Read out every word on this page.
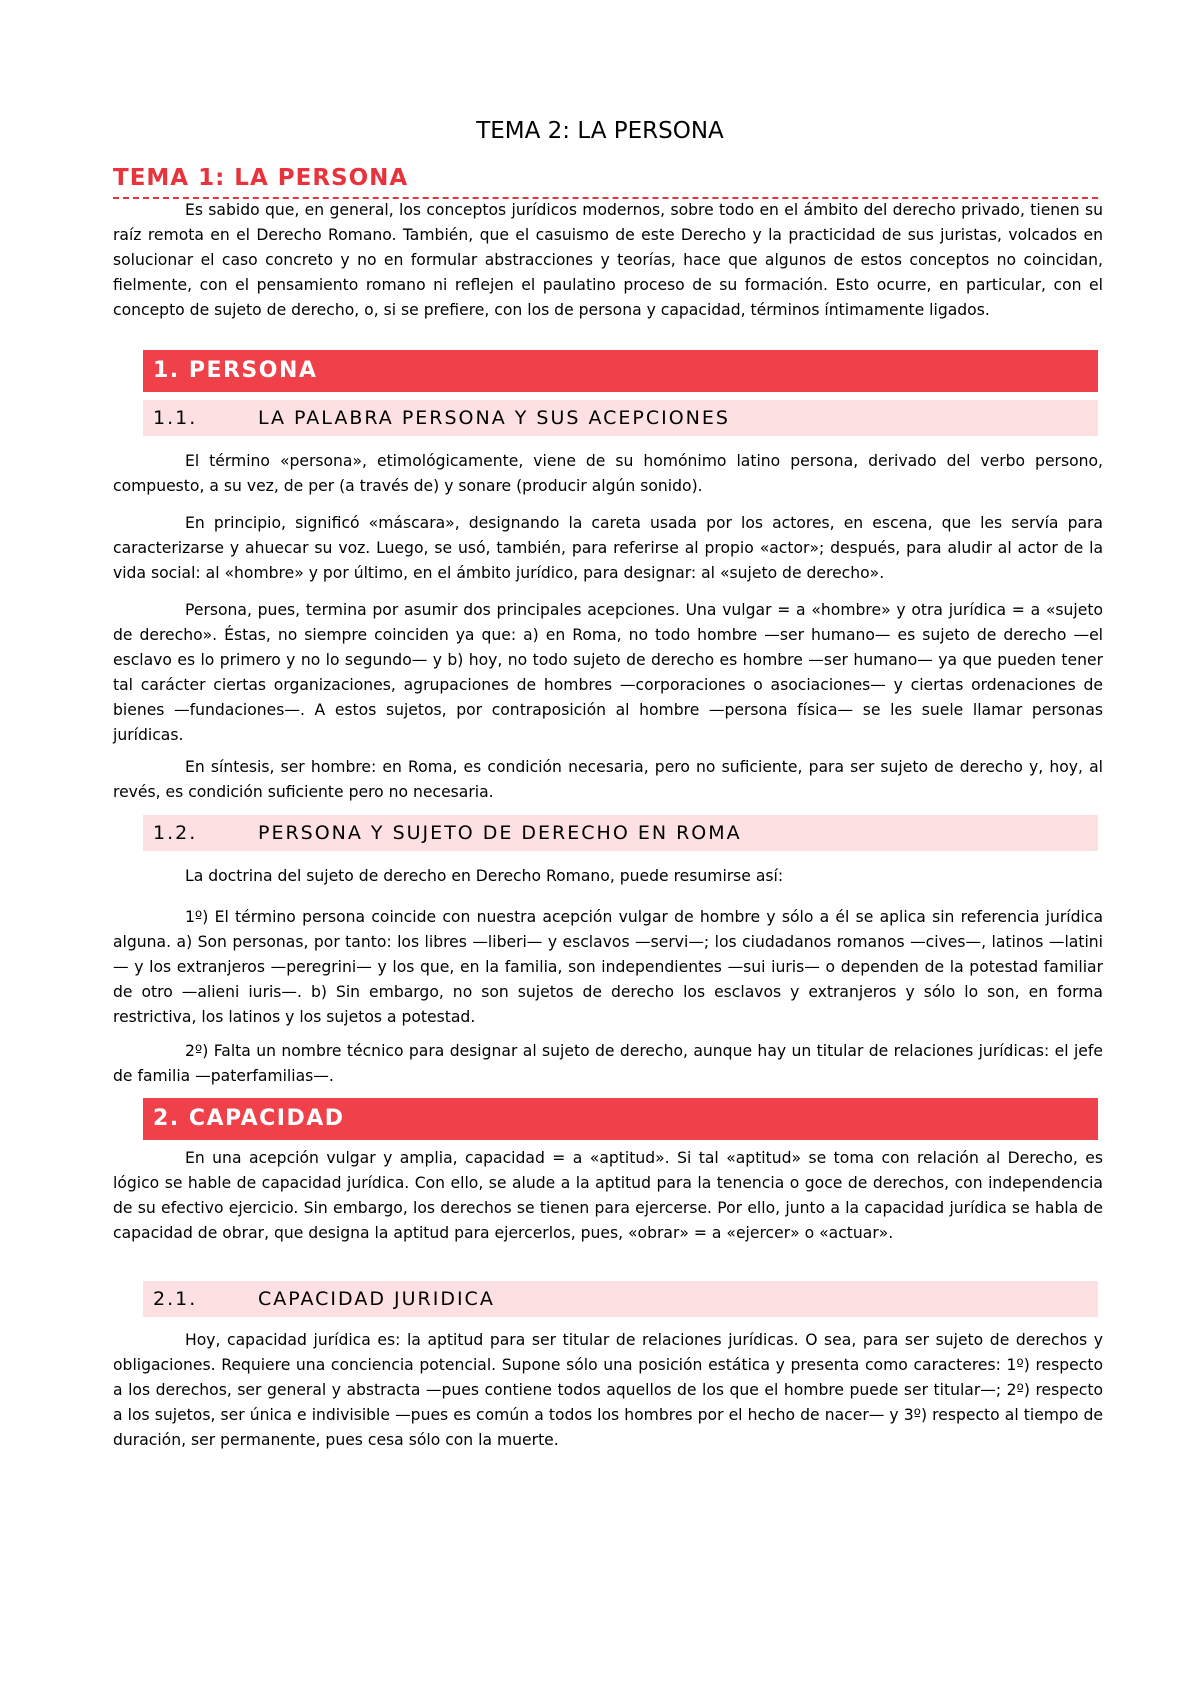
TEMA 2: LA PERSONA
TEMA 1: LA PERSONA

Es sabido que, en general, los conceptos jurídicos modernos, sobre todo en el ámbito del derecho privado, tienen su raíz remota en el Derecho Romano. También, que el casuismo de este Derecho y la practicidad de sus juristas, volcados en solucionar el caso concreto y no en formular abstracciones y teorías, hace que algunos de estos conceptos no coincidan, fielmente, con el pensamiento romano ni reflejen el paulatino proceso de su formación. Esto ocurre, en particular, con el concepto de sujeto de derecho, o, si se prefiere, con los de persona y capacidad, términos íntimamente ligados.

1. PERSONA
1.1.	LA PALABRA PERSONA Y SUS ACEPCIONES

El término «persona», etimológicamente, viene de su homónimo latino persona, derivado del verbo persono, compuesto, a su vez, de per (a través de) y sonare (producir algún sonido).

En principio, significó «máscara», designando la careta usada por los actores, en escena, que les servía para caracterizarse y ahuecar su voz. Luego, se usó, también, para referirse al propio «actor»; después, para aludir al actor de la vida social: al «hombre» y por último, en el ámbito jurídico, para designar: al «sujeto de derecho».

Persona, pues, termina por asumir dos principales acepciones. Una vulgar = a «hombre» y otra jurídica = a «sujeto de derecho». Éstas, no siempre coinciden ya que: a) en Roma, no todo hombre —ser humano— es sujeto de derecho —el esclavo es lo primero y no lo segundo— y b) hoy, no todo sujeto de derecho es hombre —ser humano— ya que pueden tener tal carácter ciertas organizaciones, agrupaciones de hombres —corporaciones o asociaciones— y ciertas ordenaciones de bienes —fundaciones—. A estos sujetos, por contraposición al hombre —persona física— se les suele llamar personas jurídicas.

En síntesis, ser hombre: en Roma, es condición necesaria, pero no suficiente, para ser sujeto de derecho y, hoy, al revés, es condición suficiente pero no necesaria.

1.2.	PERSONA Y SUJETO DE DERECHO EN ROMA

La doctrina del sujeto de derecho en Derecho Romano, puede resumirse así:

1º) El término persona coincide con nuestra acepción vulgar de hombre y sólo a él se aplica sin referencia jurídica alguna. a) Son personas, por tanto: los libres —liberi— y esclavos —servi—; los ciudadanos romanos —cives—, latinos —latini— y los extranjeros —peregrini— y los que, en la familia, son independientes —sui iuris— o dependen de la potestad familiar de otro —alieni iuris—. b) Sin embargo, no son sujetos de derecho los esclavos y extranjeros y sólo lo son, en forma restrictiva, los latinos y los sujetos a potestad.

2º) Falta un nombre técnico para designar al sujeto de derecho, aunque hay un titular de relaciones jurídicas: el jefe de familia —paterfamilias—.

2. CAPACIDAD

En una acepción vulgar y amplia, capacidad = a «aptitud». Si tal «aptitud» se toma con relación al Derecho, es lógico se hable de capacidad jurídica. Con ello, se alude a la aptitud para la tenencia o goce de derechos, con independencia de su efectivo ejercicio. Sin embargo, los derechos se tienen para ejercerse. Por ello, junto a la capacidad jurídica se habla de capacidad de obrar, que designa la aptitud para ejercerlos, pues, «obrar» = a «ejercer» o «actuar».

2.1.	CAPACIDAD JURIDICA

Hoy, capacidad jurídica es: la aptitud para ser titular de relaciones jurídicas. O sea, para ser sujeto de derechos y obligaciones. Requiere una conciencia potencial. Supone sólo una posición estática y presenta como caracteres: 1º) respecto a los derechos, ser general y abstracta —pues contiene todos aquellos de los que el hombre puede ser titular—; 2º) respecto a los sujetos, ser única e indivisible —pues es común a todos los hombres por el hecho de nacer— y 3º) respecto al tiempo de duración, ser permanente, pues cesa sólo con la muerte.
